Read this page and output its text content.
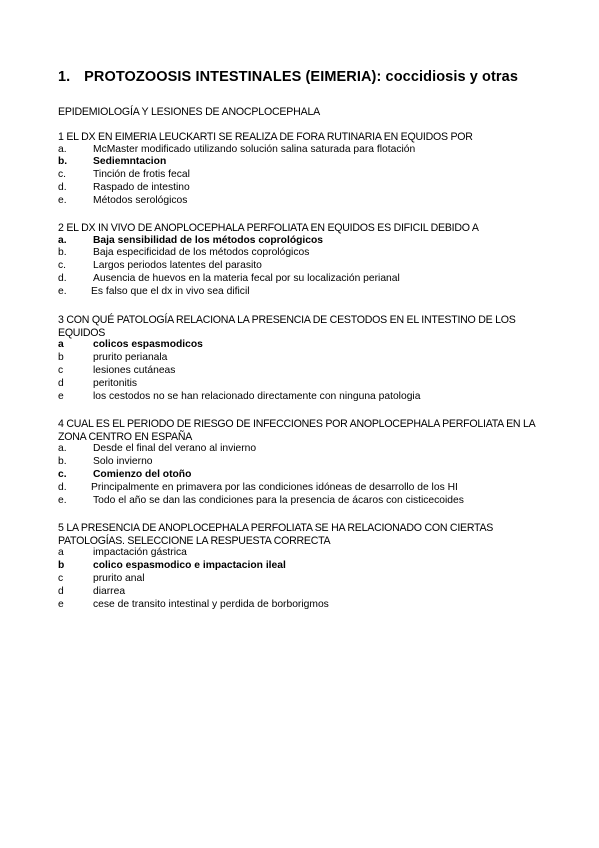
1. PROTOZOOSIS INTESTINALES (EIMERIA): coccidiosis y otras
EPIDEMIOLOGÍA Y LESIONES DE ANOCPLOCEPHALA

1 EL DX EN EIMERIA LEUCKARTI SE REALIZA DE FORA RUTINARIA EN EQUIDOS POR

a.	McMaster modificado utilizando solución salina saturada para flotación
b.	Sediemntacion
c.	Tinción de frotis fecal
d.	Raspado de intestino
e.	Métodos serológicos

2 EL DX IN VIVO DE ANOPLOCEPHALA PERFOLIATA EN EQUIDOS ES DIFICIL DEBIDO A

a.	Baja sensibilidad de los métodos coprológicos
b.	Baja especificidad de los métodos coprológicos
c.	Largos periodos latentes del parasito
d.	Ausencia de huevos en la materia fecal por su localización perianal
e. Es falso que el dx in vivo sea dificil

3 CON QUÉ PATOLOGÍA RELACIONA LA PRESENCIA DE CESTODOS EN EL INTESTINO DE LOS EQUIDOS

a	colicos espasmodicos
b	prurito perianala
c	lesiones cutáneas
d	peritonitis
e	los cestodos no se han relacionado directamente con ninguna patologia

4 CUAL ES EL PERIODO DE RIESGO DE INFECCIONES POR ANOPLOCEPHALA PERFOLIATA EN LA ZONA CENTRO EN ESPAÑA

a.	Desde el final del verano al invierno
b.	Solo invierno
c.	Comienzo del otoño
d. Principalmente en primavera por las condiciones idóneas de desarrollo de los HI
e.	Todo el año se dan las condiciones para la presencia de ácaros con cisticecoides

5 LA PRESENCIA DE ANOPLOCEPHALA PERFOLIATA SE HA RELACIONADO CON CIERTAS PATOLOGÍAS. SELECCIONE LA RESPUESTA CORRECTA

a	impactación gástrica
b	colico espasmodico e impactacion ileal
c	prurito anal
d	diarrea
e	cese de transito intestinal y perdida de borborigmos
